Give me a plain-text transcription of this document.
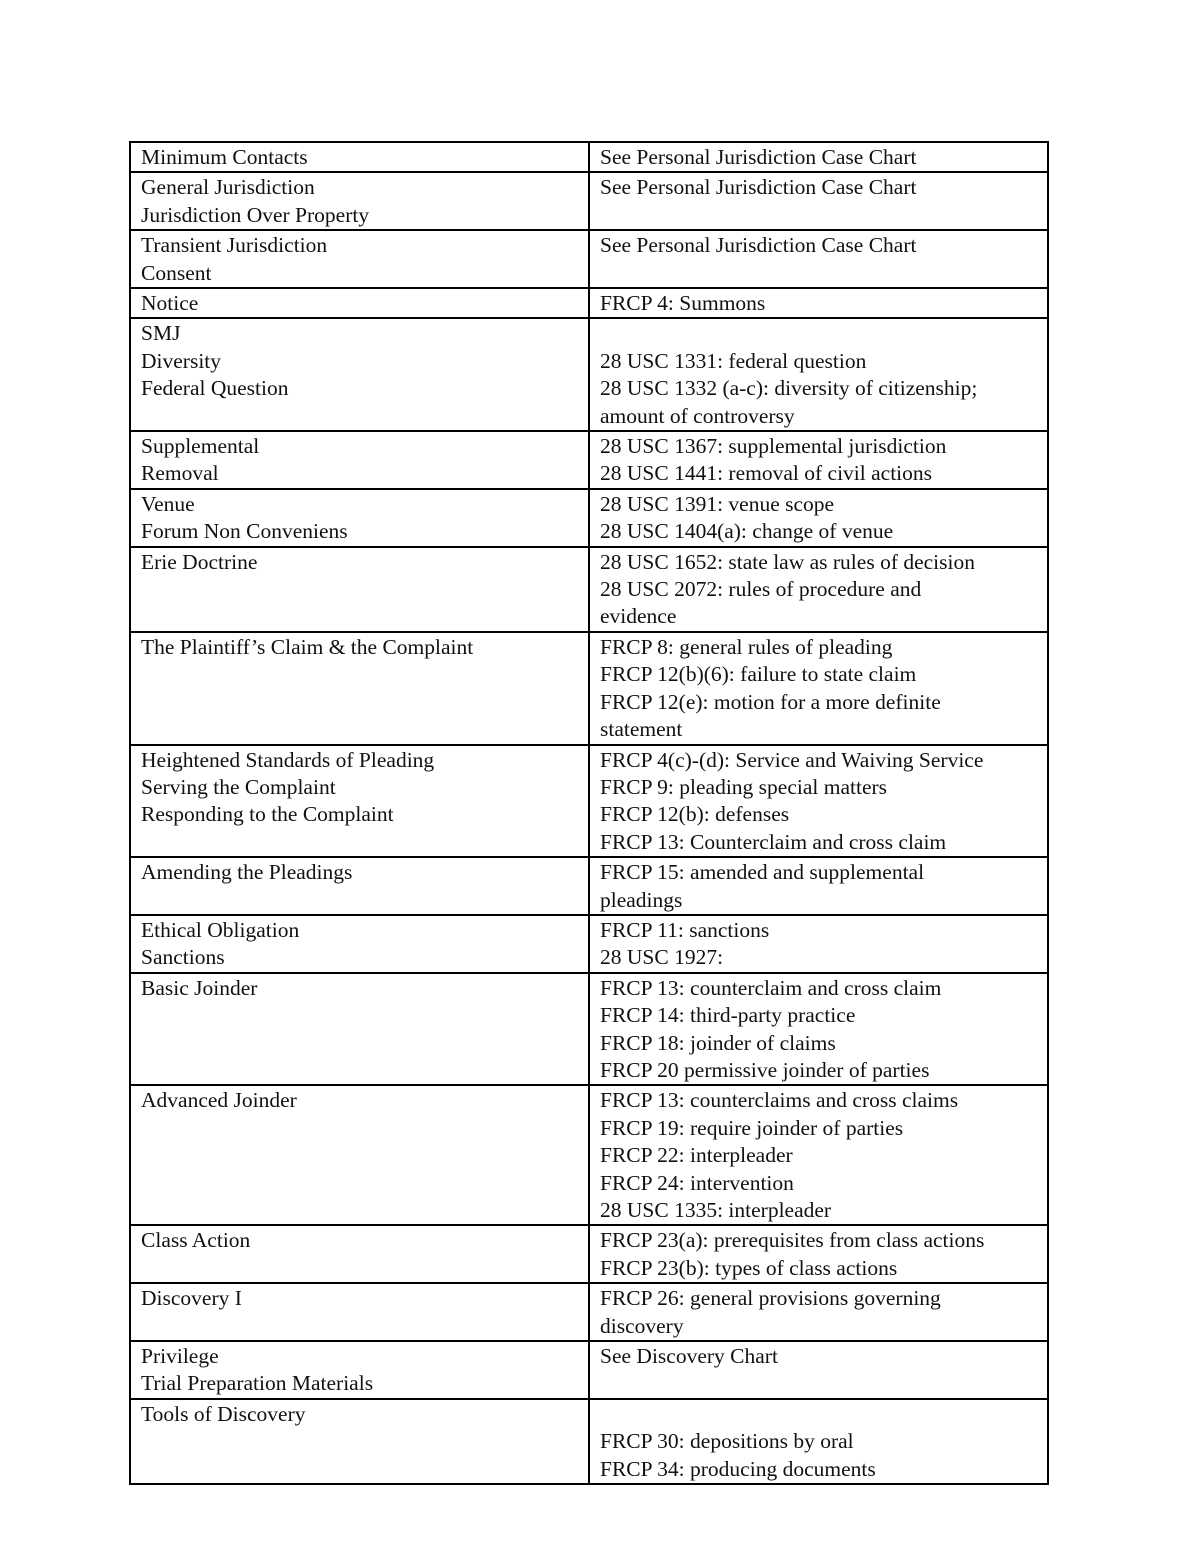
Minimum Contacts	See Personal Jurisdiction Case Chart

General Jurisdiction
Jurisdiction Over Property	See Personal Jurisdiction Case Chart

Transient Jurisdiction
Consent	See Personal Jurisdiction Case Chart

Notice	FRCP 4: Summons

SMJ
Diversity
Federal Question	28 USC 1331: federal question
28 USC 1332 (a-c): diversity of citizenship;
amount of controversy

Supplemental
Removal	28 USC 1367: supplemental jurisdiction
28 USC 1441: removal of civil actions

Venue
Forum Non Conveniens	28 USC 1391: venue scope
28 USC 1404(a): change of venue

Erie Doctrine	28 USC 1652: state law as rules of decision
28 USC 2072: rules of procedure and
evidence

The Plaintiff’s Claim & the Complaint	FRCP 8: general rules of pleading
FRCP 12(b)(6): failure to state claim
FRCP 12(e): motion for a more definite
statement

Heightened Standards of Pleading
Serving the Complaint
Responding to the Complaint	FRCP 4(c)-(d): Service and Waiving Service
FRCP 9: pleading special matters
FRCP 12(b): defenses
FRCP 13: Counterclaim and cross claim

Amending the Pleadings	FRCP 15: amended and supplemental
pleadings

Ethical Obligation
Sanctions	FRCP 11: sanctions
28 USC 1927:

Basic Joinder	FRCP 13: counterclaim and cross claim
FRCP 14: third-party practice
FRCP 18: joinder of claims
FRCP 20 permissive joinder of parties

Advanced Joinder	FRCP 13: counterclaims and cross claims
FRCP 19: require joinder of parties
FRCP 22: interpleader
FRCP 24: intervention
28 USC 1335: interpleader

Class Action	FRCP 23(a): prerequisites from class actions
FRCP 23(b): types of class actions

Discovery I	FRCP 26: general provisions governing
discovery

Privilege
Trial Preparation Materials	See Discovery Chart

Tools of Discovery	FRCP 30: depositions by oral
FRCP 34: producing documents
